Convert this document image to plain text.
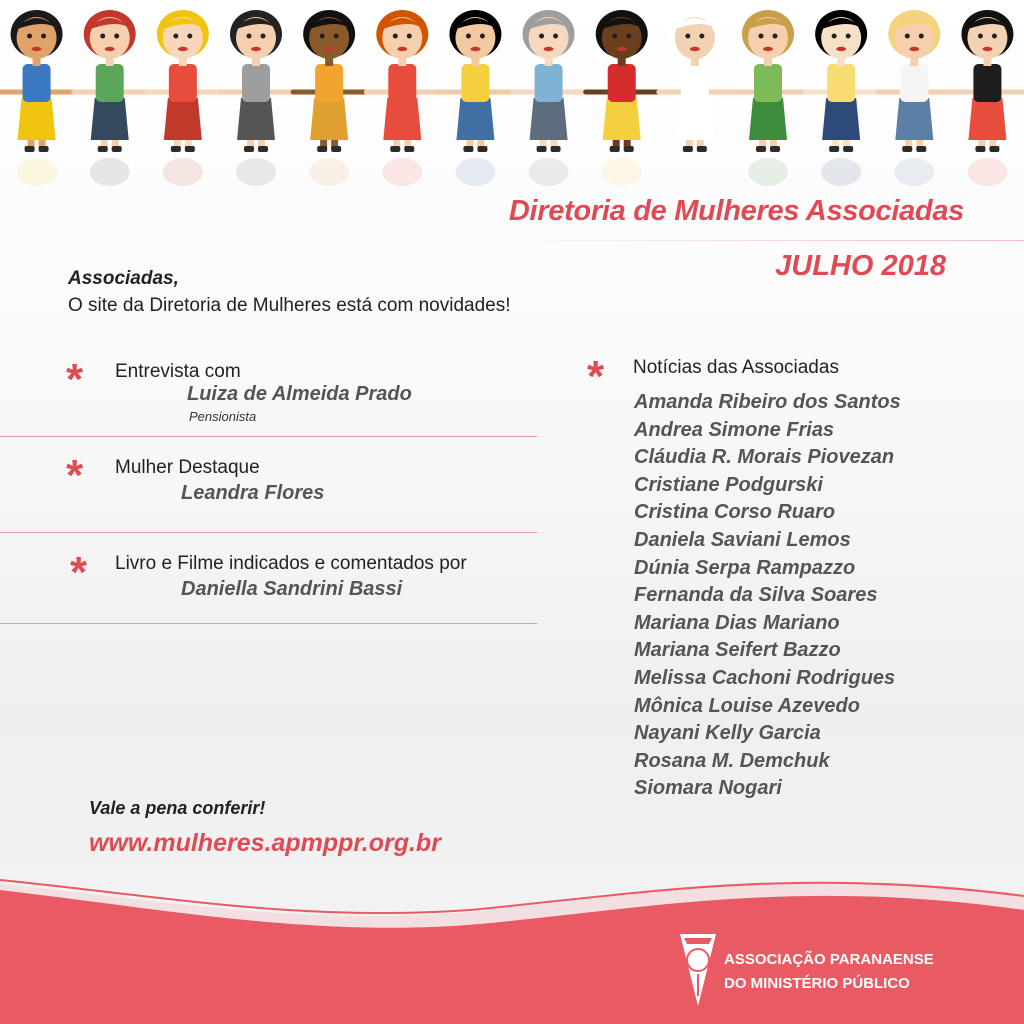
Diretoria de Mulheres Associadas
JULHO 2018
Associadas,
O site da Diretoria de Mulheres está com novidades!
* Entrevista com
Luiza de Almeida Prado
Pensionista
* Mulher Destaque
Leandra Flores
* Livro e Filme indicados e comentados por
Daniella Sandrini Bassi
* Notícias das Associadas
Amanda Ribeiro dos Santos
Andrea Simone Frias
Cláudia R. Morais Piovezan
Cristiane Podgurski
Cristina Corso Ruaro
Daniela Saviani Lemos
Dúnia Serpa Rampazzo
Fernanda da Silva Soares
Mariana Dias Mariano
Mariana Seifert Bazzo
Melissa Cachoni Rodrigues
Mônica Louise Azevedo
Nayani Kelly Garcia
Rosana M. Demchuk
Siomara Nogari
Vale a pena conferir!
www.mulheres.apmppr.org.br
ASSOCIAÇÃO PARANAENSE
DO MINISTÉRIO PÚBLICO
